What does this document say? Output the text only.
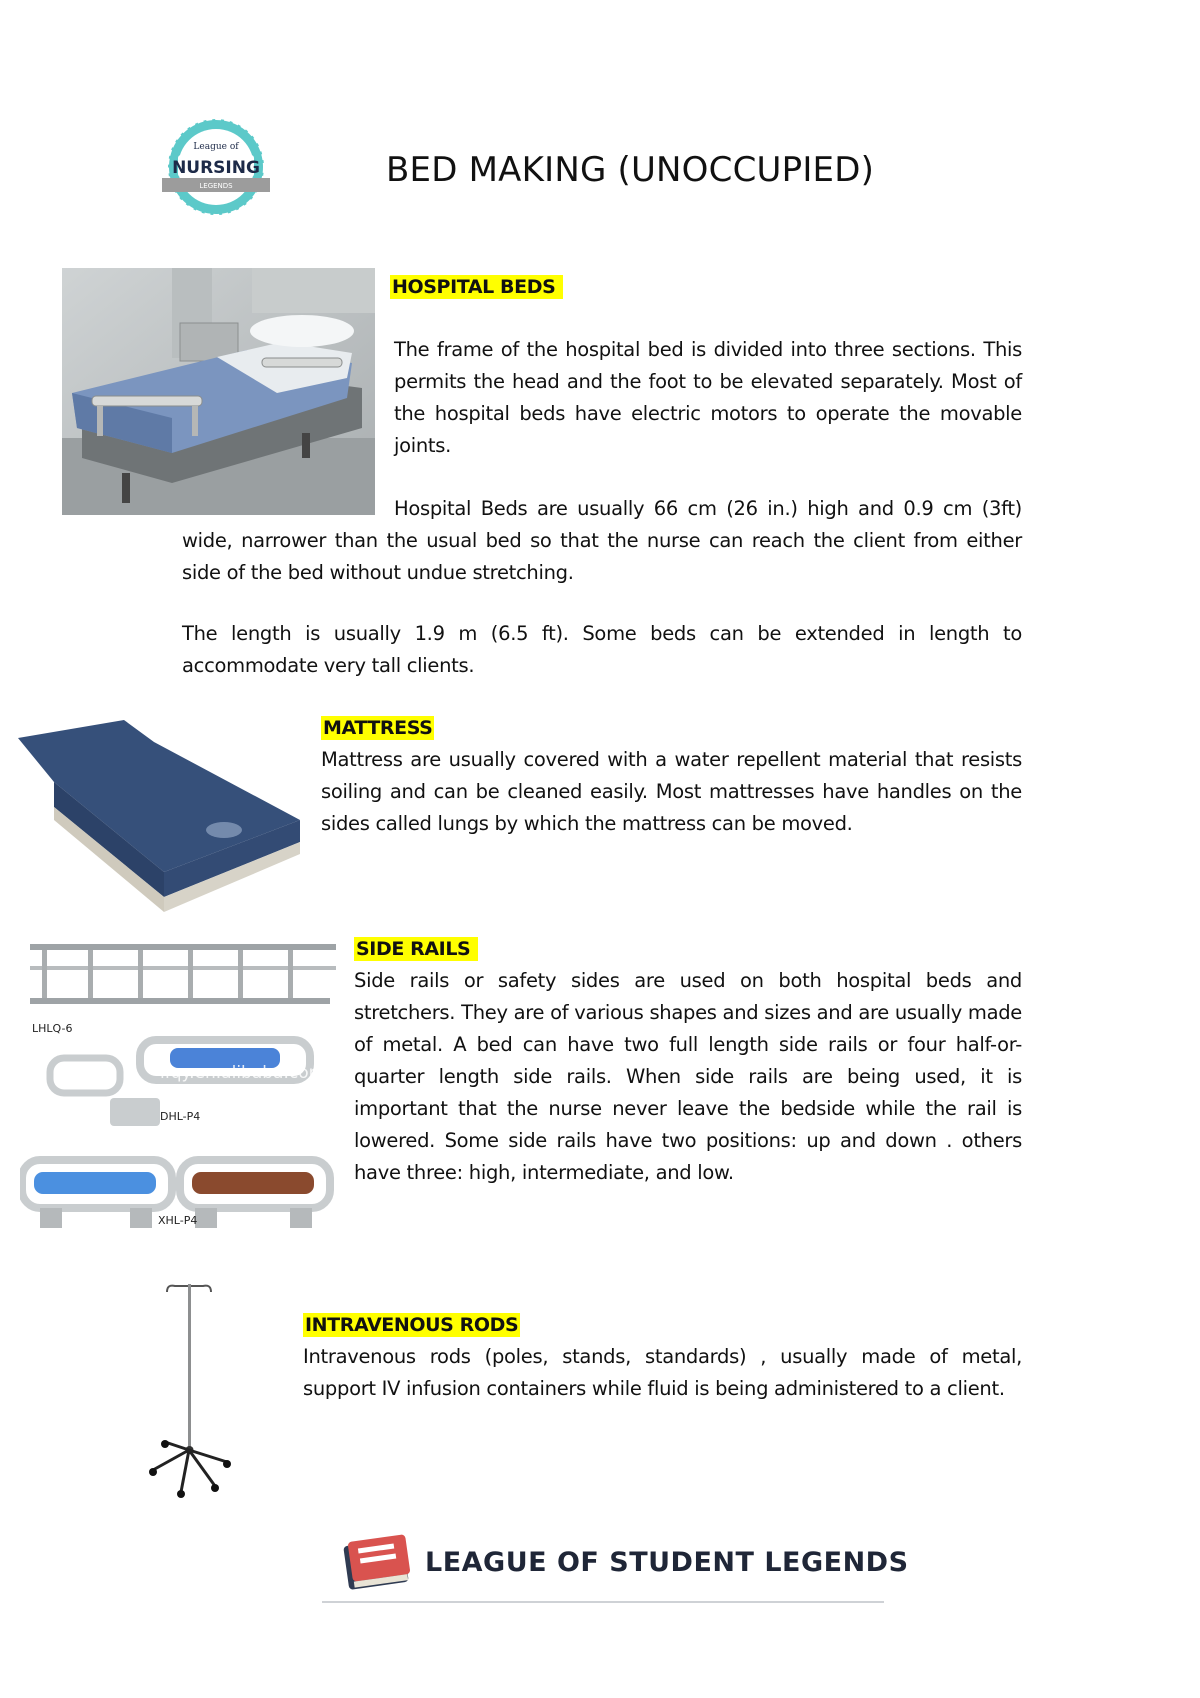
NURSING
League of
LEGENDS	BED MAKING (UNOCCUPIED)
HOSPITAL BEDS

The frame of the hospital bed is divided into three sections. This permits the head and the foot to be elevated separately. Most of the hospital beds have electric motors to operate the movable joints.

Hospital Beds are usually 66 cm (26 in.) high and 0.9 cm (3ft)

wide, narrower than the usual bed so that the nurse can reach the client from either side of the bed without undue stretching.

The length is usually 1.9 m (6.5 ft). Some beds can be extended in length to accommodate very tall clients.

MATTRESS

Mattress are usually covered with a water repellent material that resists soiling and can be cleaned easily. Most mattresses have handles on the sides called lungs by which the mattress can be moved.

LHLQ-6
lfqy.en.alibaba.com
DHL-P4
XHL-P4
SIDE RAILS

Side rails or safety sides are used on both hospital beds and stretchers. They are of various shapes and sizes and are usually made of metal. A bed can have two full length side rails or four half-or-quarter length side rails. When side rails are being used, it is important that the nurse never leave the bedside while the rail is lowered. Some side rails have two positions: up and down . others have three: high, intermediate, and low.

INTRAVENOUS RODS

Intravenous rods (poles, stands, standards) , usually made of metal, support IV infusion containers while fluid is being administered to a client.

LEAGUE OF STUDENT LEGENDS
